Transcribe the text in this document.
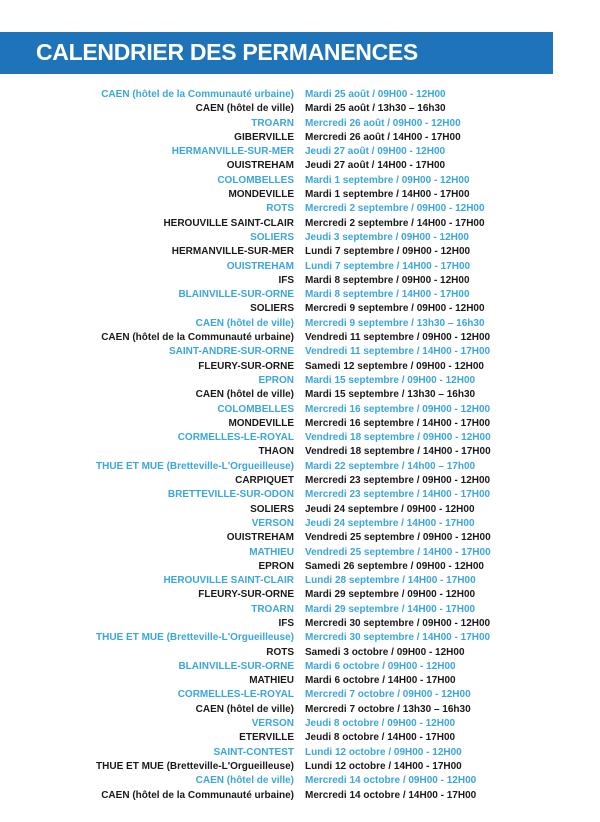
CALENDRIER DES PERMANENCES
CAEN (hôtel de la Communauté urbaine) Mardi 25 août / 09H00 - 12H00
CAEN (hôtel de ville) Mardi 25 août / 13h30 – 16h30
TROARN Mercredi 26 août / 09H00 - 12H00
GIBERVILLE Mercredi 26 août / 14H00 - 17H00
HERMANVILLE-SUR-MER Jeudi 27 août / 09H00 - 12H00
OUISTREHAM Jeudi 27 août / 14H00 - 17H00
COLOMBELLES Mardi 1 septembre / 09H00 - 12H00
MONDEVILLE Mardi 1 septembre / 14H00 - 17H00
ROTS Mercredi 2 septembre / 09H00 - 12H00
HEROUVILLE SAINT-CLAIR Mercredi 2 septembre / 14H00 - 17H00
SOLIERS Jeudi 3 septembre / 09H00 - 12H00
HERMANVILLE-SUR-MER Lundi 7 septembre / 09H00 - 12H00
OUISTREHAM Lundi 7 septembre / 14H00 - 17H00
IFS Mardi 8 septembre / 09H00 - 12H00
BLAINVILLE-SUR-ORNE Mardi 8 septembre / 14H00 - 17H00
SOLIERS Mercredi 9 septembre / 09H00 - 12H00
CAEN (hôtel de ville) Mercredi 9 septembre / 13h30 – 16h30
CAEN (hôtel de la Communauté urbaine) Vendredi 11 septembre / 09H00 - 12H00
SAINT-ANDRE-SUR-ORNE Vendredi 11 septembre / 14H00 - 17H00
FLEURY-SUR-ORNE Samedi 12 septembre / 09H00 - 12H00
EPRON Mardi 15 septembre / 09H00 - 12H00
CAEN (hôtel de ville) Mardi 15 septembre / 13h30 – 16h30
COLOMBELLES Mercredi 16 septembre / 09H00 - 12H00
MONDEVILLE Mercredi 16 septembre / 14H00 - 17H00
CORMELLES-LE-ROYAL Vendredi 18 septembre / 09H00 - 12H00
THAON Vendredi 18 septembre / 14H00 - 17H00
THUE ET MUE (Bretteville-L'Orgueilleuse) Mardi 22 septembre / 14h00 – 17h00
CARPIQUET Mercredi 23 septembre / 09H00 - 12H00
BRETTEVILLE-SUR-ODON Mercredi 23 septembre / 14H00 - 17H00
SOLIERS Jeudi 24 septembre / 09H00 - 12H00
VERSON Jeudi 24 septembre / 14H00 - 17H00
OUISTREHAM Vendredi 25 septembre / 09H00 - 12H00
MATHIEU Vendredi 25 septembre / 14H00 - 17H00
EPRON Samedi 26 septembre / 09H00 - 12H00
HEROUVILLE SAINT-CLAIR Lundi 28 septembre / 14H00 - 17H00
FLEURY-SUR-ORNE Mardi 29 septembre / 09H00 - 12H00
TROARN Mardi 29 septembre / 14H00 - 17H00
IFS Mercredi 30 septembre / 09H00 - 12H00
THUE ET MUE (Bretteville-L'Orgueilleuse) Mercredi 30 septembre / 14H00 - 17H00
ROTS Samedi 3 octobre / 09H00 - 12H00
BLAINVILLE-SUR-ORNE Mardi 6 octobre / 09H00 - 12H00
MATHIEU Mardi 6 octobre / 14H00 - 17H00
CORMELLES-LE-ROYAL Mercredi 7 octobre / 09H00 - 12H00
CAEN (hôtel de ville) Mercredi 7 octobre / 13h30 – 16h30
VERSON Jeudi 8 octobre / 09H00 - 12H00
ETERVILLE Jeudi 8 octobre / 14H00 - 17H00
SAINT-CONTEST Lundi 12 octobre / 09H00 - 12H00
THUE ET MUE (Bretteville-L'Orgueilleuse) Lundi 12 octobre / 14H00 - 17H00
CAEN (hôtel de ville) Mercredi 14 octobre / 09H00 - 12H00
CAEN (hôtel de la Communauté urbaine) Mercredi 14 octobre / 14H00 - 17H00
